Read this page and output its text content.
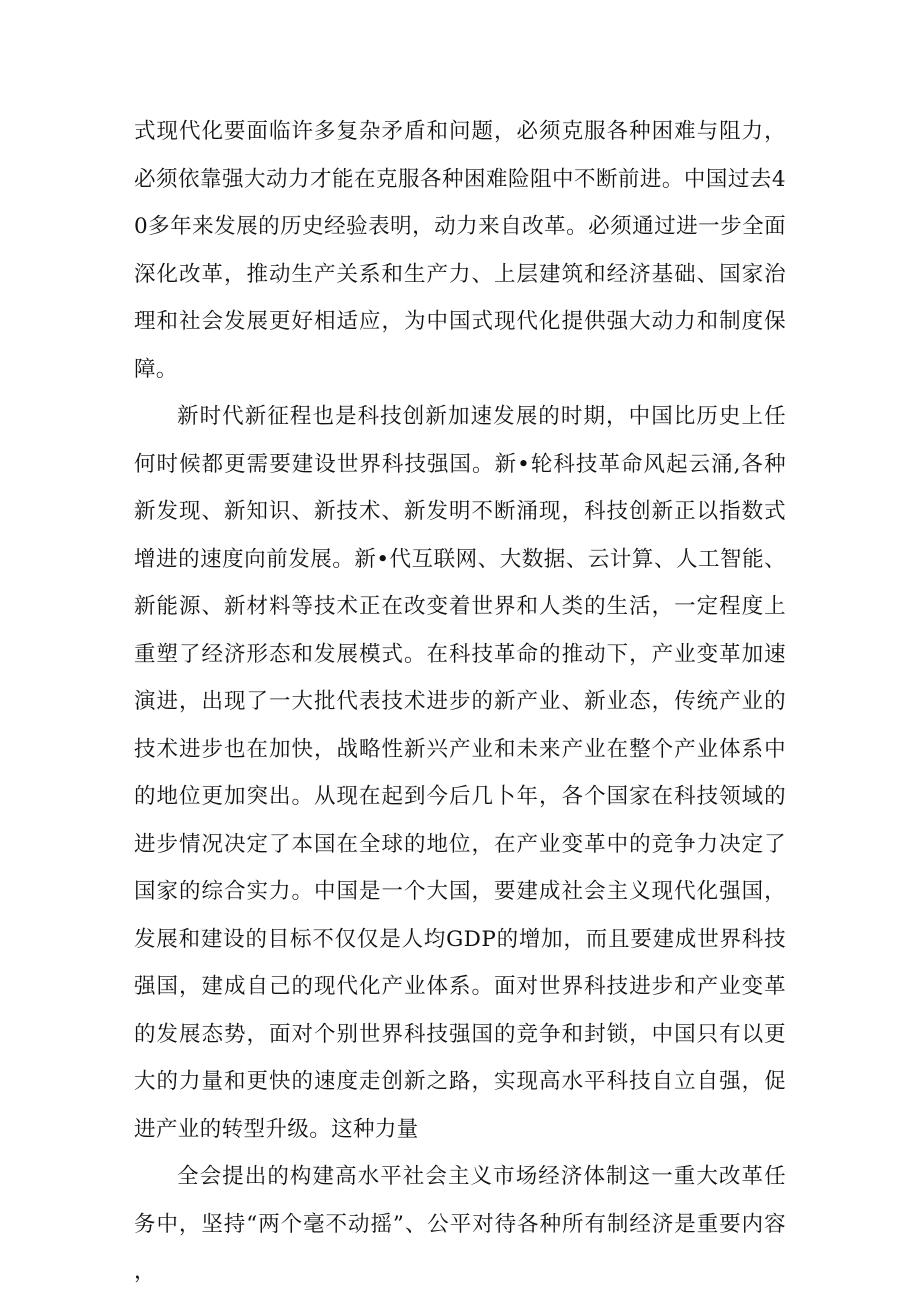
式现代化要面临许多复杂矛盾和问题，必须克服各种困难与阻力，必须依靠强大动力才能在克服各种困难险阻中不断前进。中国过去40多年来发展的历史经验表明，动力来自改革。必须通过进一步全面深化改革，推动生产关系和生产力、上层建筑和经济基础、国家治理和社会发展更好相适应，为中国式现代化提供强大动力和制度保障。

新时代新征程也是科技创新加速发展的时期，中国比历史上任何时候都更需要建设世界科技强国。新•轮科技革命风起云涌,各种新发现、新知识、新技术、新发明不断涌现，科技创新正以指数式增进的速度向前发展。新•代互联网、大数据、云计算、人工智能、新能源、新材料等技术正在改变着世界和人类的生活，一定程度上重塑了经济形态和发展模式。在科技革命的推动下，产业变革加速演进，出现了一大批代表技术进步的新产业、新业态，传统产业的技术进步也在加快，战略性新兴产业和未来产业在整个产业体系中的地位更加突出。从现在起到今后几卜年，各个国家在科技领域的进步情况决定了本国在全球的地位，在产业变革中的竞争力决定了国家的综合实力。中国是一个大国，要建成社会主义现代化强国，发展和建设的目标不仅仅是人均GDP的增加，而且要建成世界科技强国，建成自己的现代化产业体系。面对世界科技进步和产业变革的发展态势，面对个别世界科技强国的竞争和封锁，中国只有以更大的力量和更快的速度走创新之路，实现高水平科技自立自强，促进产业的转型升级。这种力量

全会提出的构建高水平社会主义市场经济体制这一重大改革任务中，坚持“两个毫不动摇”、公平对待各种所有制经济是重要内容，
